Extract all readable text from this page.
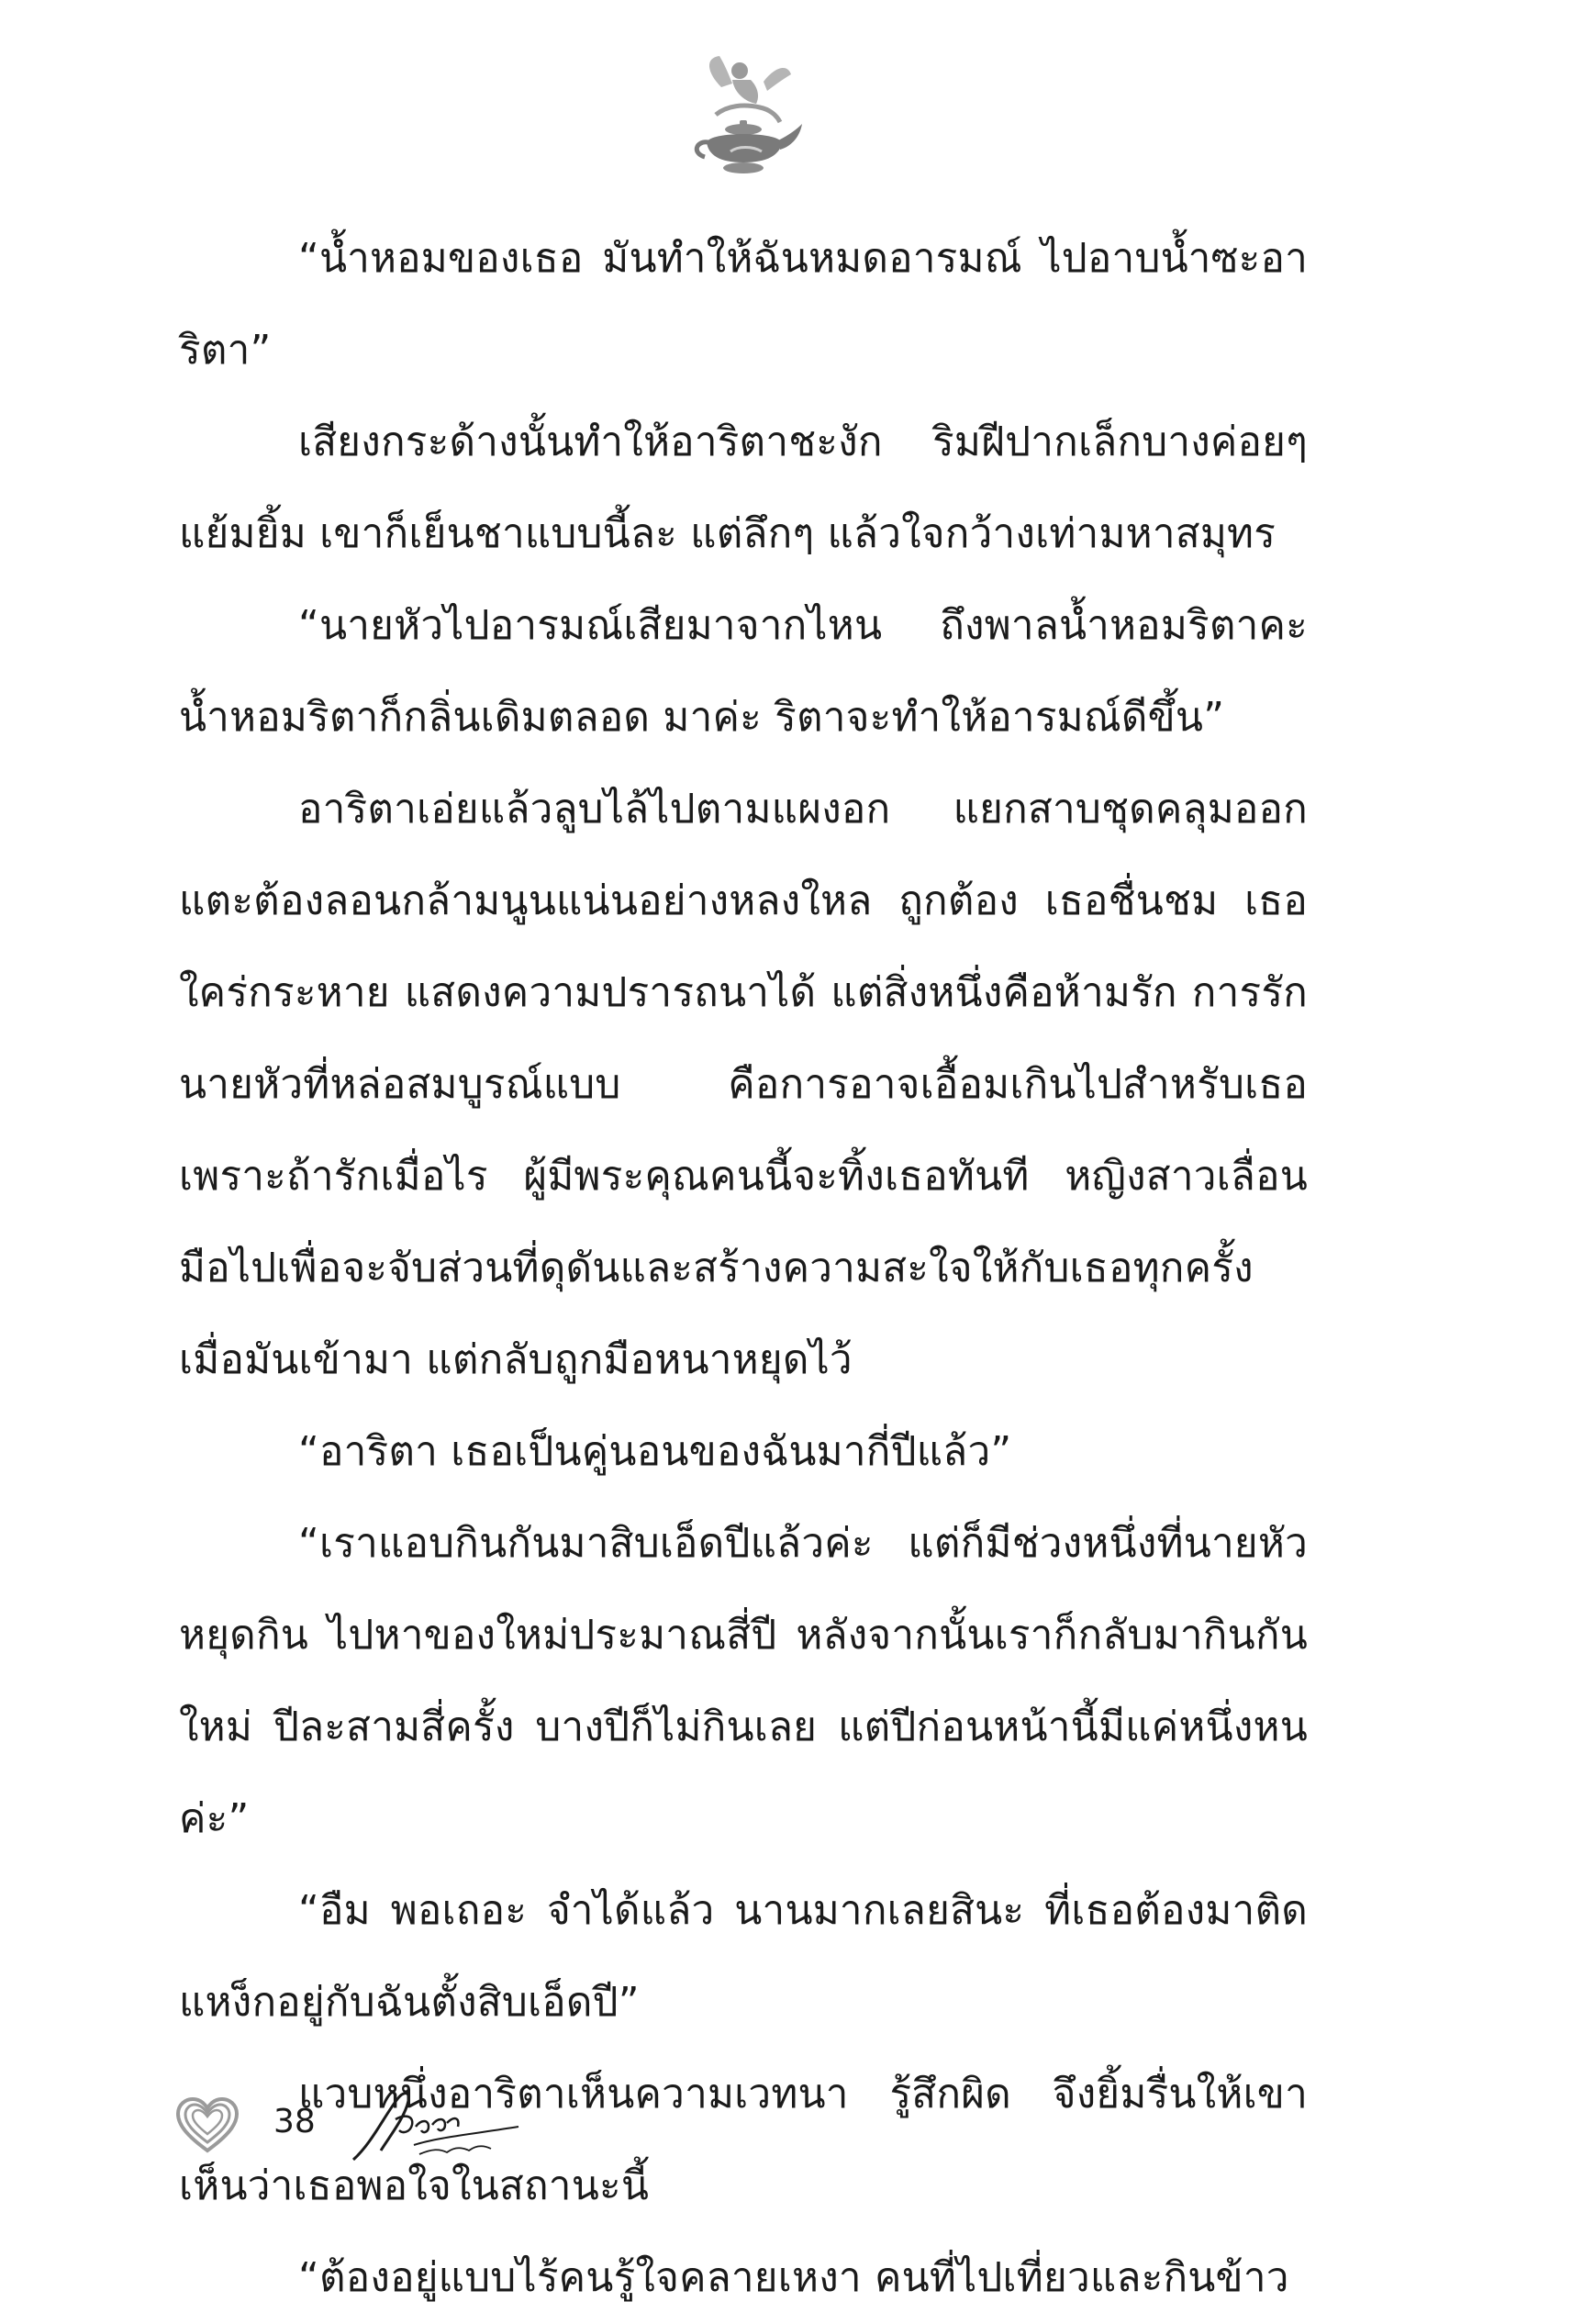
“น้ำหอมของเธอ มันทำให้ฉันหมดอารมณ์ ไปอาบน้ำซะอาริตา”

เสียงกระด้างนั้นทำให้อาริตาชะงัก ริมฝีปากเล็กบางค่อยๆ แย้มยิ้ม เขาก็เย็นชาแบบนี้ละ แต่ลึกๆ แล้วใจกว้างเท่ามหาสมุทร

“นายหัวไปอารมณ์เสียมาจากไหน ถึงพาลน้ำหอมริตาคะ น้ำหอมริตาก็กลิ่นเดิมตลอด มาค่ะ ริตาจะทำให้อารมณ์ดีขึ้น”

อาริตาเอ่ยแล้วลูบไล้ไปตามแผงอก แยกสาบชุดคลุมออก แตะต้องลอนกล้ามนูนแน่นอย่างหลงใหล ถูกต้อง เธอชื่นชม เธอใคร่กระหาย แสดงความปรารถนาได้ แต่สิ่งหนึ่งคือห้ามรัก การรักนายหัวที่หล่อสมบูรณ์แบบ คือการอาจเอื้อมเกินไปสำหรับเธอ เพราะถ้ารักเมื่อไร ผู้มีพระคุณคนนี้จะทิ้งเธอทันที หญิงสาวเลื่อนมือไปเพื่อจะจับส่วนที่ดุดันและสร้างความสะใจให้กับเธอทุกครั้งเมื่อมันเข้ามา แต่กลับถูกมือหนาหยุดไว้

“อาริตา เธอเป็นคู่นอนของฉันมากี่ปีแล้ว”

“เราแอบกินกันมาสิบเอ็ดปีแล้วค่ะ แต่ก็มีช่วงหนึ่งที่นายหัวหยุดกิน ไปหาของใหม่ประมาณสี่ปี หลังจากนั้นเราก็กลับมากินกันใหม่ ปีละสามสี่ครั้ง บางปีก็ไม่กินเลย แต่ปีก่อนหน้านี้มีแค่หนึ่งหนค่ะ”

“อืม พอเถอะ จำได้แล้ว นานมากเลยสินะ ที่เธอต้องมาติดแหง็กอยู่กับฉันตั้งสิบเอ็ดปี”

แวบหนึ่งอาริตาเห็นความเวทนา รู้สึกผิด จึงยิ้มรื่นให้เขาเห็นว่าเธอพอใจในสถานะนี้

“ต้องอยู่แบบไร้คนรู้ใจคลายเหงา คนที่ไปเที่ยวและกินข้าว

38
